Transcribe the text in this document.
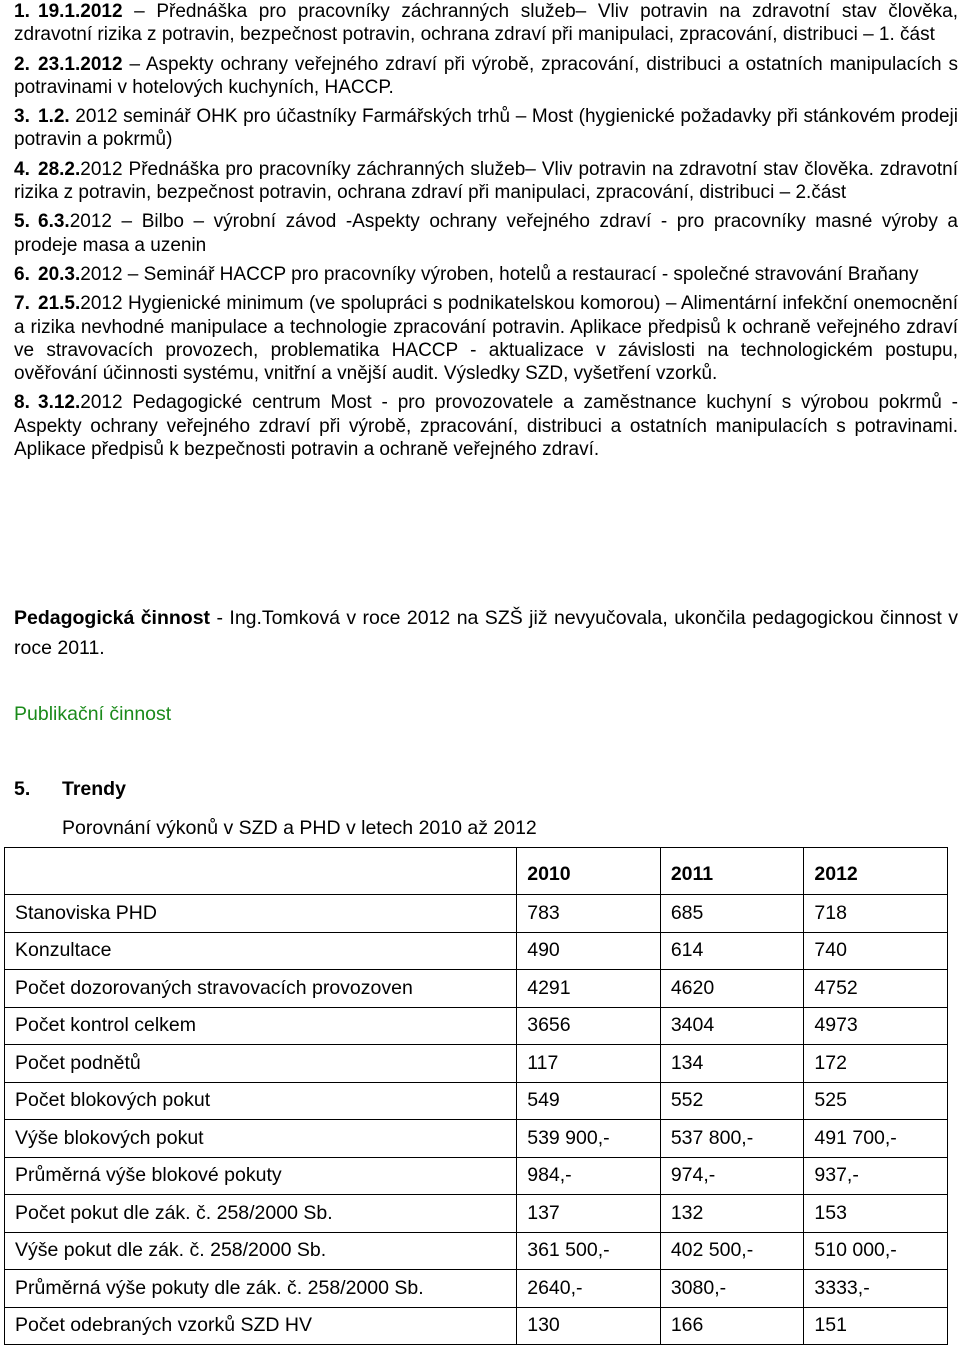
1. 19.1.2012 – Přednáška pro pracovníky záchranných služeb– Vliv potravin na zdravotní stav člověka, zdravotní rizika z potravin, bezpečnost potravin, ochrana zdraví při manipulaci, zpracování, distribuci – 1. část
2. 23.1.2012 – Aspekty ochrany veřejného zdraví při výrobě, zpracování, distribuci a ostatních manipulacích s potravinami v hotelových kuchyních, HACCP.
3. 1.2. 2012 seminář OHK pro účastníky Farmářských trhů – Most (hygienické požadavky při stánkovém prodeji potravin a pokrmů)
4. 28.2.2012 Přednáška pro pracovníky záchranných služeb– Vliv potravin na zdravotní stav člověka. zdravotní rizika z potravin, bezpečnost potravin, ochrana zdraví při manipulaci, zpracování, distribuci – 2.část
5. 6.3.2012 – Bilbo – výrobní závod -Aspekty ochrany veřejného zdraví - pro pracovníky masné výroby a prodeje masa a uzenin
6. 20.3.2012 – Seminář HACCP pro pracovníky výroben, hotelů a restaurací - společné stravování Braňany
7. 21.5.2012 Hygienické minimum (ve spolupráci s podnikatelskou komorou) – Alimentární infekční onemocnění a rizika nevhodné manipulace a technologie zpracování potravin. Aplikace předpisů k ochraně veřejného zdraví ve stravovacích provozech, problematika HACCP - aktualizace v závislosti na technologickém postupu, ověřování účinnosti systému, vnitřní a vnější audit. Výsledky SZD, vyšetření vzorků.
8. 3.12.2012 Pedagogické centrum Most - pro provozovatele a zaměstnance kuchyní s výrobou pokrmů - Aspekty ochrany veřejného zdraví při výrobě, zpracování, distribuci a ostatních manipulacích s potravinami. Aplikace předpisů k bezpečnosti potravin a ochraně veřejného zdraví.
Pedagogická činnost - Ing.Tomková v roce 2012 na SZŠ již nevyučovala, ukončila pedagogickou činnost v roce 2011.
Publikační činnost
5. Trendy
Porovnání výkonů v SZD a PHD v letech 2010 až 2012
	2010	2011	2012
Stanoviska PHD	783	685	718
Konzultace	490	614	740
Počet dozorovaných stravovacích provozoven	4291	4620	4752
Počet kontrol celkem	3656	3404	4973
Počet podnětů	117	134	172
Počet blokových pokut	549	552	525
Výše blokových pokut	539 900,-	537 800,-	491 700,-
Průměrná výše blokové pokuty	984,-	974,-	937,-
Počet pokut dle zák. č. 258/2000 Sb.	137	132	153
Výše pokut dle zák. č. 258/2000 Sb.	361 500,-	402 500,-	510 000,-
Průměrná výše pokuty dle zák. č. 258/2000 Sb.	2640,-	3080,-	3333,-
Počet odebraných vzorků SZD HV	130	166	151
